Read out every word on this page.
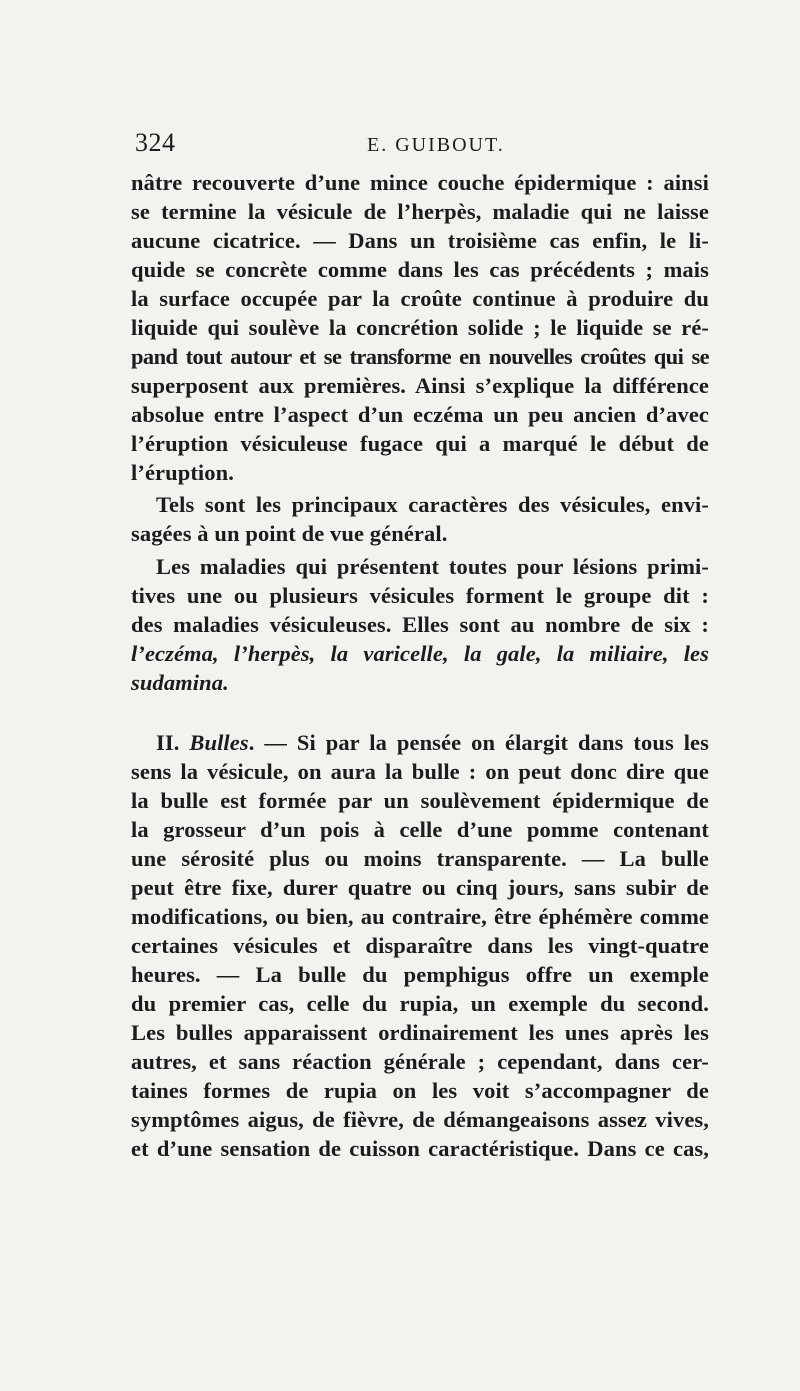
324	E. GUIBOUT.
nâtre recouverte d’une mince couche épidermique : ainsi
se termine la vésicule de l’herpès, maladie qui ne laisse
aucune cicatrice. — Dans un troisième cas enfin, le li-
quide se concrète comme dans les cas précédents ; mais
la surface occupée par la croûte continue à produire du
liquide qui soulève la concrétion solide ; le liquide se ré-
pand tout autour et se transforme en nouvelles croûtes qui se
superposent aux premières. Ainsi s’explique la différence
absolue entre l’aspect d’un eczéma un peu ancien d’avec
l’éruption vésiculeuse fugace qui a marqué le début de
l’éruption.
Tels sont les principaux caractères des vésicules, envi-
sagées à un point de vue général.
Les maladies qui présentent toutes pour lésions primi-
tives une ou plusieurs vésicules forment le groupe dit :
des maladies vésiculeuses. Elles sont au nombre de six :
l’eczéma, l’herpès, la varicelle, la gale, la miliaire, les
sudamina.
II. Bulles. — Si par la pensée on élargit dans tous les
sens la vésicule, on aura la bulle : on peut donc dire que
la bulle est formée par un soulèvement épidermique de
la grosseur d’un pois à celle d’une pomme contenant
une sérosité plus ou moins transparente. — La bulle
peut être fixe, durer quatre ou cinq jours, sans subir de
modifications, ou bien, au contraire, être éphémère comme
certaines vésicules et disparaître dans les vingt-quatre
heures. — La bulle du pemphigus offre un exemple
du premier cas, celle du rupia, un exemple du second.
Les bulles apparaissent ordinairement les unes après les
autres, et sans réaction générale ; cependant, dans cer-
taines formes de rupia on les voit s’accompagner de
symptômes aigus, de fièvre, de démangeaisons assez vives,
et d’une sensation de cuisson caractéristique. Dans ce cas,
